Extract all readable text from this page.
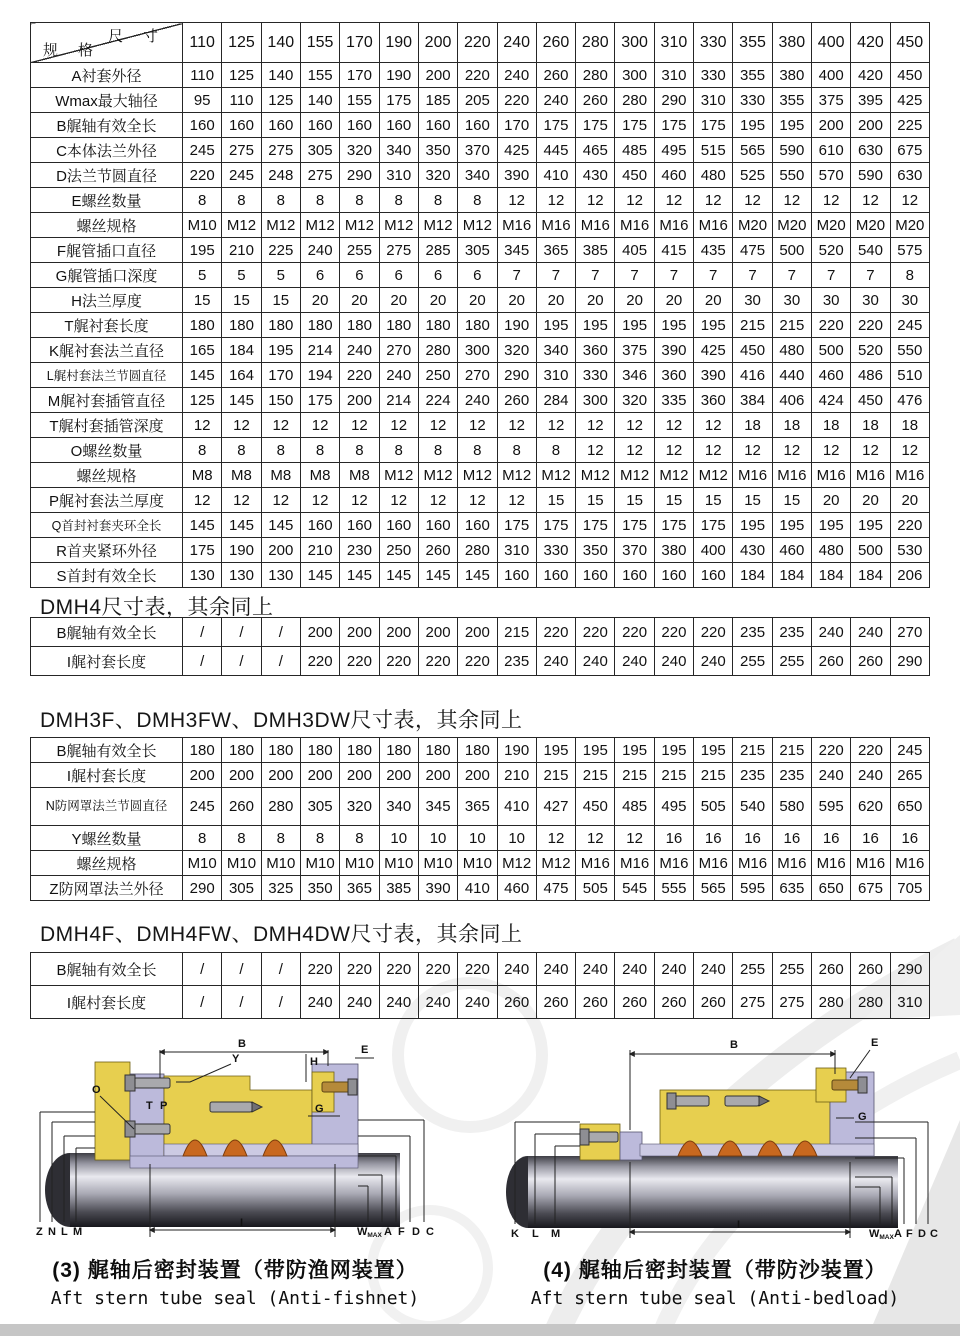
尺寸
规格	110	125	140	155	170	190	200	220	240	260	280	300	310	330	355	380	400	420	450
A衬套外径	110	125	140	155	170	190	200	220	240	260	280	300	310	330	355	380	400	420	450
Wmax最大轴径	95	110	125	140	155	175	185	205	220	240	260	280	290	310	330	355	375	395	425
B艉轴有效全长	160	160	160	160	160	160	160	160	170	175	175	175	175	175	195	195	200	200	225
C本体法兰外径	245	275	275	305	320	340	350	370	425	445	465	485	495	515	565	590	610	630	675
D法兰节圆直径	220	245	248	275	290	310	320	340	390	410	430	450	460	480	525	550	570	590	630
E螺丝数量	8	8	8	8	8	8	8	8	12	12	12	12	12	12	12	12	12	12	12
螺丝规格	M10	M12	M12	M12	M12	M12	M12	M12	M16	M16	M16	M16	M16	M16	M20	M20	M20	M20	M20
F艉管插口直径	195	210	225	240	255	275	285	305	345	365	385	405	415	435	475	500	520	540	575
G艉管插口深度	5	5	5	6	6	6	6	6	7	7	7	7	7	7	7	7	7	7	8
H法兰厚度	15	15	15	20	20	20	20	20	20	20	20	20	20	20	30	30	30	30	30
T艉衬套长度	180	180	180	180	180	180	180	180	190	195	195	195	195	195	215	215	220	220	245
K艉衬套法兰直径	165	184	195	214	240	270	280	300	320	340	360	375	390	425	450	480	500	520	550
L艉村套法兰节圆直径	145	164	170	194	220	240	250	270	290	310	330	346	360	390	416	440	460	486	510
M艉衬套插管直径	125	145	150	175	200	214	224	240	260	284	300	320	335	360	384	406	424	450	476
T艉村套插管深度	12	12	12	12	12	12	12	12	12	12	12	12	12	12	18	18	18	18	18
O螺丝数量	8	8	8	8	8	8	8	8	8	8	12	12	12	12	12	12	12	12	12
螺丝规格	M8	M8	M8	M8	M8	M12	M12	M12	M12	M12	M12	M12	M12	M12	M16	M16	M16	M16	M16
P艉衬套法兰厚度	12	12	12	12	12	12	12	12	12	15	15	15	15	15	15	15	20	20	20
Q首封衬套夹环全长	145	145	145	160	160	160	160	160	175	175	175	175	175	175	195	195	195	195	220
R首夹紧环外径	175	190	200	210	230	250	260	280	310	330	350	370	380	400	430	460	480	500	530
S首封有效全长	130	130	130	145	145	145	145	145	160	160	160	160	160	160	184	184	184	184	206
DMH4尺寸表，其余同上
B艉轴有效全长	/	/	/	200	200	200	200	200	215	220	220	220	220	220	235	235	240	240	270
I艉衬套长度	/	/	/	220	220	220	220	220	235	240	240	240	240	240	255	255	260	260	290
DMH3F、DMH3FW、DMH3DW尺寸表，其余同上
B艉轴有效全长	180	180	180	180	180	180	180	180	190	195	195	195	195	195	215	215	220	220	245
I艉村套长度	200	200	200	200	200	200	200	200	210	215	215	215	215	215	235	235	240	240	265
N防网罩法兰节圆直径	245	260	280	305	320	340	345	365	410	427	450	485	495	505	540	580	595	620	650
Y螺丝数量	8	8	8	8	8	10	10	10	10	12	12	12	16	16	16	16	16	16	16
螺丝规格	M10	M10	M10	M10	M10	M10	M10	M10	M12	M12	M16	M16	M16	M16	M16	M16	M16	M16	M16
Z防网罩法兰外径	290	305	325	350	365	385	390	410	460	475	505	545	555	565	595	635	650	675	705
DMH4F、DMH4FW、DMH4DW尺寸表，其余同上
B艉轴有效全长	/	/	/	220	220	220	220	220	240	240	240	240	240	240	255	255	260	260	290
I艉村套长度	/	/	/	240	240	240	240	240	260	260	260	260	260	260	275	275	280	280	310
B
H
E
Y
O
T P	G
Z N L M
I
WMAX A F D C
B	E
G
K L M
I
WMAX A F D C
(3) 艉轴后密封装置（带防渔网装置）
Aft stern tube seal (Anti-fishnet)
(4) 艉轴后密封装置（带防沙装置）
Aft stern tube seal (Anti-bedload)
